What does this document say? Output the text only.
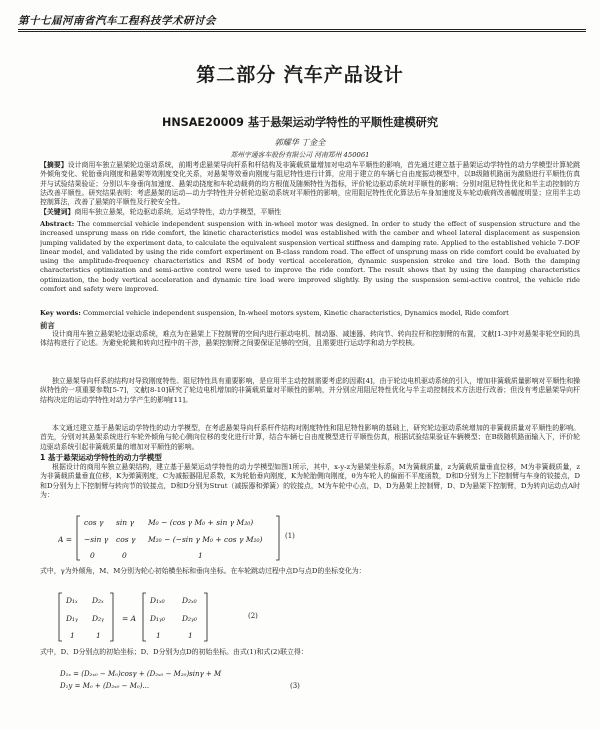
第十七届河南省汽车工程科技学术研讨会
第二部分 汽车产品设计
HNSAE20009 基于悬架运动学特性的平顺性建模研究
郭耀华 丁金全
郑州宇通客车股份有限公司 河南郑州 450061
【摘要】设计商用车独立悬架轮边驱动系统，前期考虑悬架导向杆系和杆结构及非簧载质量增加对电动车平顺性的影响，首先通过建立基于悬架运动学特性的动力学模型计算轮跳外倾角变化、轮胎垂向刚度和悬架等效刚度变化关系，对悬架等效垂向刚度与阻尼特性进行计算，应用于建立的车辆七自由度振动模型中，以B级随机路面为激励进行平顺性仿真并与试验结果验证；分别以车身垂向加速度、悬架动挠度和车轮动载荷的均方根值及随频特性为指标，评价轮边驱动系统对平顺性的影响；分别对阻尼特性优化和半主动控制的方法改善平顺性。研究结果表明：考虑悬架的运动—动力学特性并分析轮边驱动系统对平顺性的影响，应用阻尼特性优化算法后车身加速度及车轮动载荷改善幅度明显；应用半主动控制算法，改善了悬架的平顺性及行驶安全性。
【关键词】商用车独立悬架，轮边驱动系统，运动学特性，动力学模型，平顺性
Abstract: The commercial vehicle independent suspension with in-wheel motor was designed. In order to study the effect of suspension structure and the increased unsprung mass on ride comfort, the kinetic characteristics model was established with the camber and wheel lateral displacement as suspension jumping validated by the experiment data, to calculate the equivalent suspension vertical stiffness and damping rate. Applied to the established vehicle 7-DOF linear model, and validated by using the ride comfort experiment on B-class random road. The effect of unsprung mass on ride comfort could be evaluated by using the amplitude-frequency characteristics and RSM of body vertical acceleration, dynamic suspension stroke and tire load. Both the damping characteristics optimization and semi-active control were used to improve the ride comfort. The result shows that by using the damping characteristics optimization, the body vertical acceleration and dynamic tire load were improved slightly. By using the suspension semi-active control, the vehicle ride comfort and safety were improved.
Key words: Commercial vehicle independent suspension, In-wheel motors system, Kinetic characteristics, Dynamics model, Ride comfort
前言
设计商用车独立悬架轮边驱动系统，难点为在悬架上下控制臂的空间内进行驱动电机、制动器、减速器、转向节、转向拉杆和控制臂的布置，文献[1-3]中对悬架非轮空间的具体结构进行了论述。为避免轮跳和转向过程中的干涉，悬架控制臂之间要保证足够的空间，且需要进行运动学和动力学校核。
独立悬架导向杆系的结构对导致刚度特性、阻尼特性具有重要影响，是应用半主动控制需要考虑的因素[4]，由于轮边电机驱动系统的引入，增加非簧载质量影响对平顺性和操纵特性的一项重要参数[5-7]，文献[8-10]研究了轮边电机增加的非簧载质量对平顺性的影响，并分别应用阻尼特性优化与半主动控制技术方法进行改善；但没有考虑悬架导向杆结构决定的运动学特性对动力学产生的影响[11]。
本文通过建立基于悬架运动学特性的动力学模型，在考虑悬架导向杆系杆件结构对刚度特性和阻尼特性影响的基础上，研究轮边驱动系统增加的非簧载质量对平顺性的影响。首先，分别对其悬架系统进行车轮外倾角与轮心侧向位移的变化进行计算，结合车辆七自由度模型进行平顺性仿真，根据试验结果验证车辆模型；在B级随机路面输入下，评价轮边驱动系统引起非簧载质量的增加对平顺性的影响。
1 基于悬架运动学特性的动力学模型
根据设计的商用车独立悬架结构，建立基于悬架运动学特性的动力学模型如图1所示，其中，x-y-z为悬架坐标系，M为簧载质量，z为簧载质量垂直位移，M为非簧载质量，z为非簧载质量垂直位移，K为弹簧刚度，C为减振器阻尼系数，K为轮胎垂向刚度，K为轮胎侧向刚度，θ为车轮人的偏面不平度函数，D和D分别为上下控制臂与车身的铰接点，D和D分别为上下控制臂与转向节的铰接点，D和D分别为Strut（减振器和弹簧）的铰接点，M为车轮中心点，D、D为悬架上控制臂，D、D为悬架下控制臂，D为转向运动点A时为：
A =
cos γ sin γ M₀ − (cos γ M₀ + sin γ M₂₀)
−sin γ cos γ M₂₀ − (−sin γ M₀ + cos γ M₂₀)
0	0	1
(1)
式中，γ为外倾角，M、M分别为轮心初始横坐标和垂向坐标。在车轮跳动过程中点D与点D的坐标变化为：
D₁ₓ D₂ₓ
D₁ᵧ D₂ᵧ
1	1
= A
D₁ₓ₀ D₂ₓ₀
D₁ᵧ₀ D₂ᵧ₀
1	1
(2)
式中，D、D分别点的初始坐标；D、D分别为点D的初始坐标。由式(1)和式(2)联立得：
D₁ₓ = (D₂ₓ₀ − M₀)cosγ + (D₂ₓ₀ − M₂₀)sinγ + M
D₁y = M₀ + (D₂ₓ₀ − M₀)...	(3)
